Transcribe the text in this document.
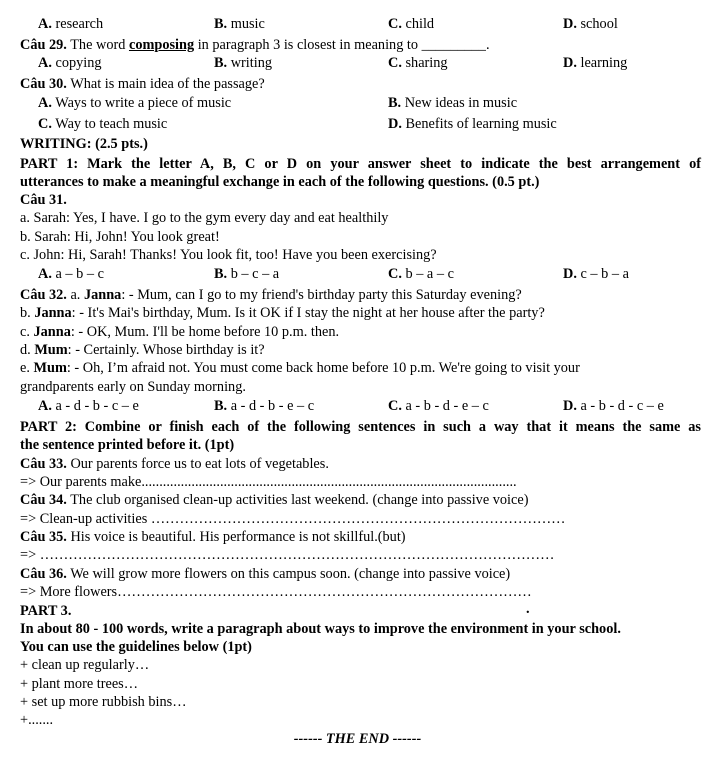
A. research	B. music	C. child	D. school
Câu 29. The word composing in paragraph 3 is closest in meaning to _________.
A. copying	B. writing	C. sharing	D. learning
Câu 30. What is main idea of the passage?
A. Ways to write a piece of music	B. New ideas in music
C. Way to teach music	D. Benefits of learning music
WRITING: (2.5 pts.)
PART 1: Mark the letter A, B, C or D on your answer sheet to indicate the best arrangement of
utterances to make a meaningful exchange in each of the following questions. (0.5 pt.)
Câu 31.
a. Sarah: Yes, I have. I go to the gym every day and eat healthily
b. Sarah: Hi, John! You look great!
c. John: Hi, Sarah! Thanks! You look fit, too! Have you been exercising?
A. a – b – c	B. b – c – a	C. b – a – c	D. c – b – a
Câu 32. a. Janna: - Mum, can I go to my friend's birthday party this Saturday evening?
b. Janna: - It's Mai's birthday, Mum. Is it OK if I stay the night at her house after the party?
c. Janna: - OK, Mum. I'll be home before 10 p.m. then.
d. Mum: - Certainly. Whose birthday is it?
e. Mum: - Oh, I’m afraid not. You must come back home before 10 p.m. We're going to visit your
grandparents early on Sunday morning.
A. a - d - b - c – e	B. a - d - b - e – c	C. a - b - d - e – c	D. a - b - d - c – e
PART 2: Combine or finish each of the following sentences in such a way that it means the same as
the sentence printed before it. (1pt)
Câu 33. Our parents force us to eat lots of vegetables.
=> Our parents make.........................................................................................................
Câu 34. The club organised clean-up activities last weekend. (change into passive voice)
=> Clean-up activities ……………………………………………………………………………
Câu 35. His voice is beautiful. His performance is not skillful.(but)
=> ………………………………………………………………………………………………
Câu 36. We will grow more flowers on this campus soon. (change into passive voice)
=> More flowers……………………………………………………………………………
PART 3.	.
In about 80 - 100 words, write a paragraph about ways to improve the environment in your school.
You can use the guidelines below (1pt)
+ clean up regularly…
+ plant more trees…
+ set up more rubbish bins…
+.......
------ THE END ------
